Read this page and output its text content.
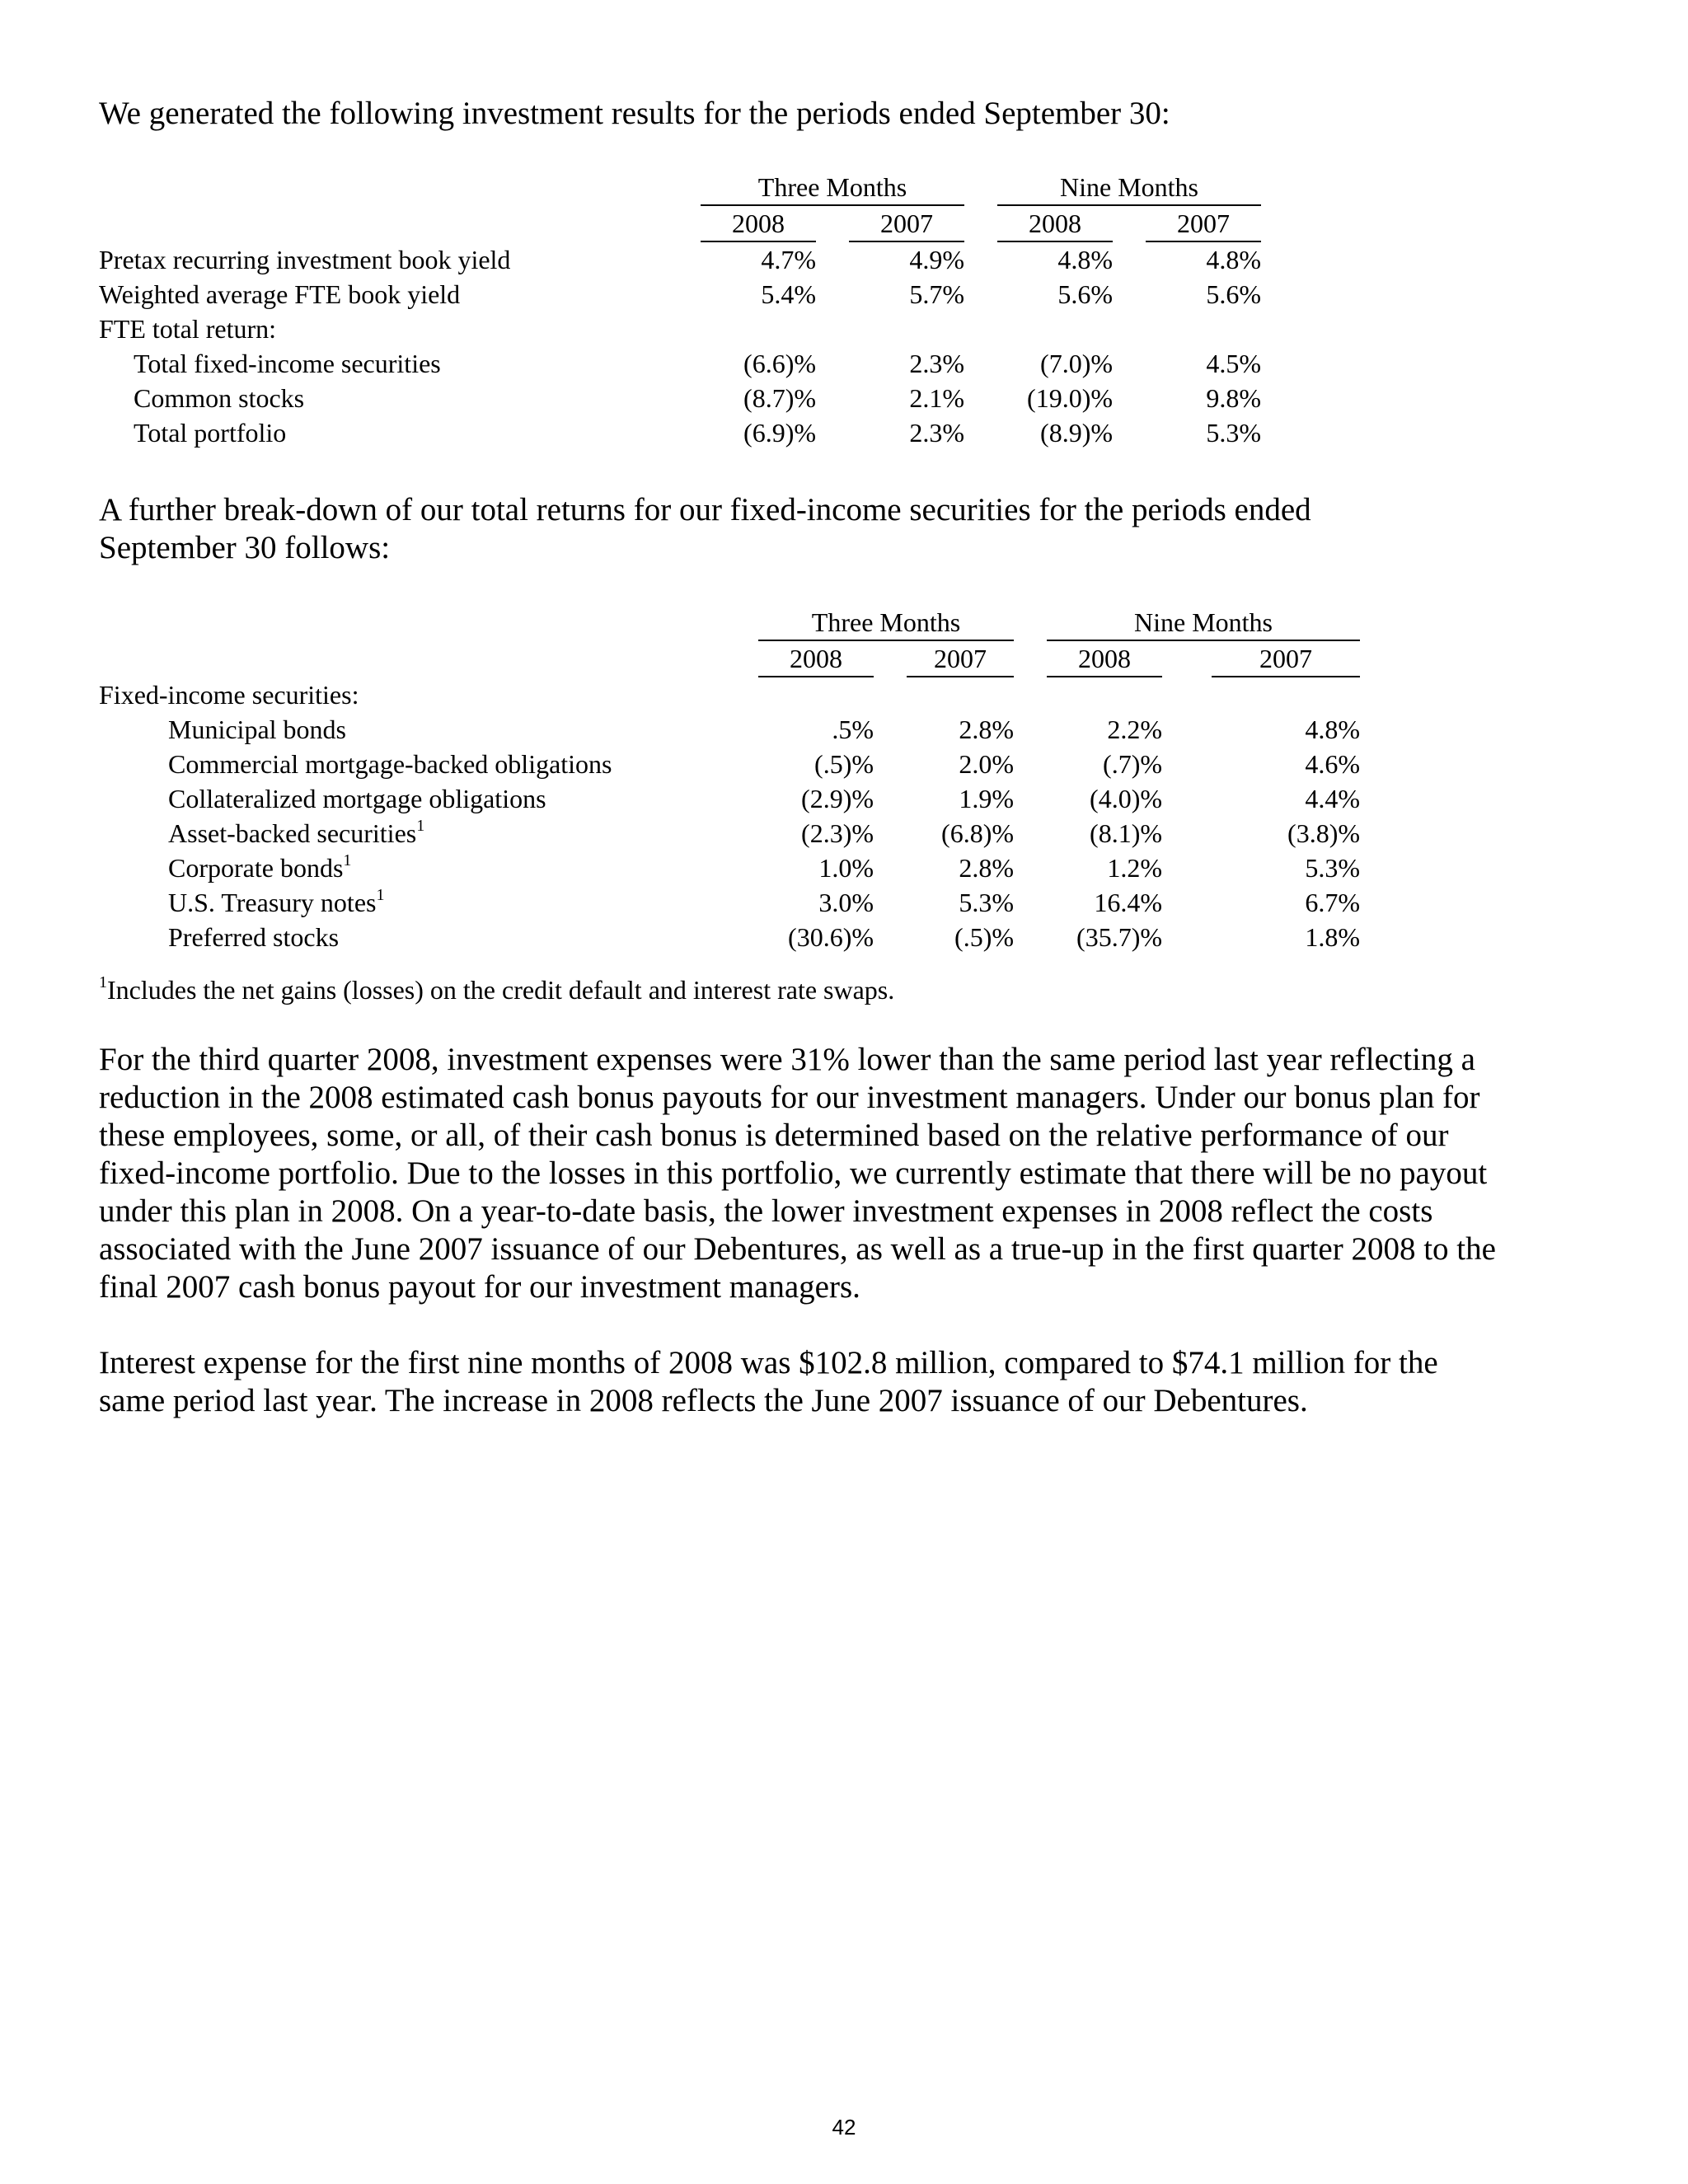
We generated the following investment results for the periods ended September 30:

		Three Months				Nine Months		
		2008		2007		2008		2007
Pretax recurring investment book yield		4.7%		4.9%		4.8%		4.8%
Weighted average FTE book yield		5.4%		5.7%		5.6%		5.6%
FTE total return:								
Total fixed-income securities		(6.6)%		2.3%		(7.0)%		4.5%
Common stocks		(8.7)%		2.1%		(19.0)%		9.8%
Total portfolio		(6.9)%		2.3%		(8.9)%		5.3%

A further break-down of our total returns for our fixed-income securities for the periods ended September 30 follows:

		Three Months				Nine Months		
		2008		2007		2008		2007
Fixed-income securities:								
Municipal bonds		.5%		2.8%		2.2%		4.8%
Commercial mortgage-backed obligations		(.5)%		2.0%		(.7)%		4.6%
Collateralized mortgage obligations		(2.9)%		1.9%		(4.0)%		4.4%
Asset-backed securities$^1$		(2.3)%		(6.8)%		(8.1)%		(3.8)%
Corporate bonds$^1$		1.0%		2.8%		1.2%		5.3%
U.S. Treasury notes$^1$		3.0%		5.3%		16.4%		6.7%
Preferred stocks		(30.6)%		(.5)%		(35.7)%		1.8%
$^1$Includes the net gains (losses) on the credit default and interest rate swaps.

For the third quarter 2008, investment expenses were 31% lower than the same period last year reflecting a reduction in the 2008 estimated cash bonus payouts for our investment managers. Under our bonus plan for these employees, some, or all, of their cash bonus is determined based on the relative performance of our fixed-income portfolio. Due to the losses in this portfolio, we currently estimate that there will be no payout under this plan in 2008. On a year-to-date basis, the lower investment expenses in 2008 reflect the costs associated with the June 2007 issuance of our Debentures, as well as a true-up in the first quarter 2008 to the final 2007 cash bonus payout for our investment managers.

Interest expense for the first nine months of 2008 was $102.8 million, compared to $74.1 million for the same period last year. The increase in 2008 reflects the June 2007 issuance of our Debentures.

42
